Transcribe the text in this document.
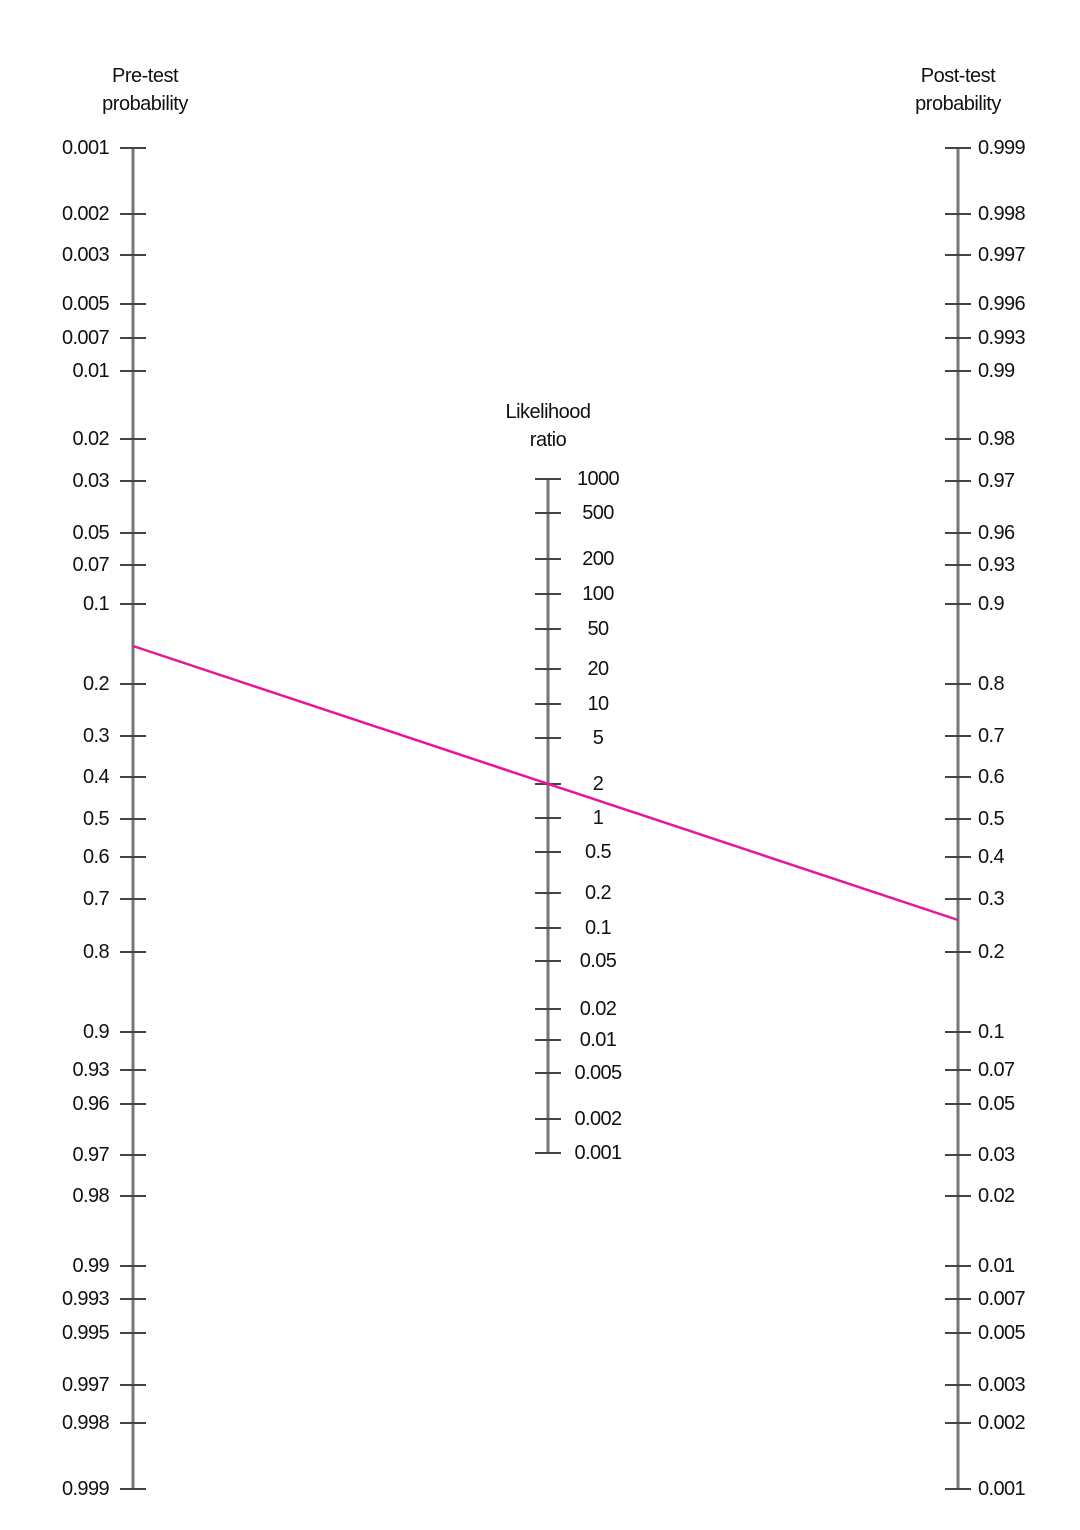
Pre-test
probability
0.001
0.002
0.003
0.005
0.007
0.01
0.02
0.03
0.05
0.07
0.1
0.2
0.3
0.4
0.5
0.6
0.7
0.8
0.9
0.93
0.96
0.97
0.98
0.99
0.993
0.995
0.997
0.998
0.999
Likelihood
ratio
1000
500
200
100
50
20
10
5
2
1
0.5
0.2
0.1
0.05
0.02
0.01
0.005
0.002
0.001
Post-test
probability
0.999
0.998
0.997
0.996
0.993
0.99
0.98
0.97
0.96
0.93
0.9
0.8
0.7
0.6
0.5
0.4
0.3
0.2
0.1
0.07
0.05
0.03
0.02
0.01
0.007
0.005
0.003
0.002
0.001
